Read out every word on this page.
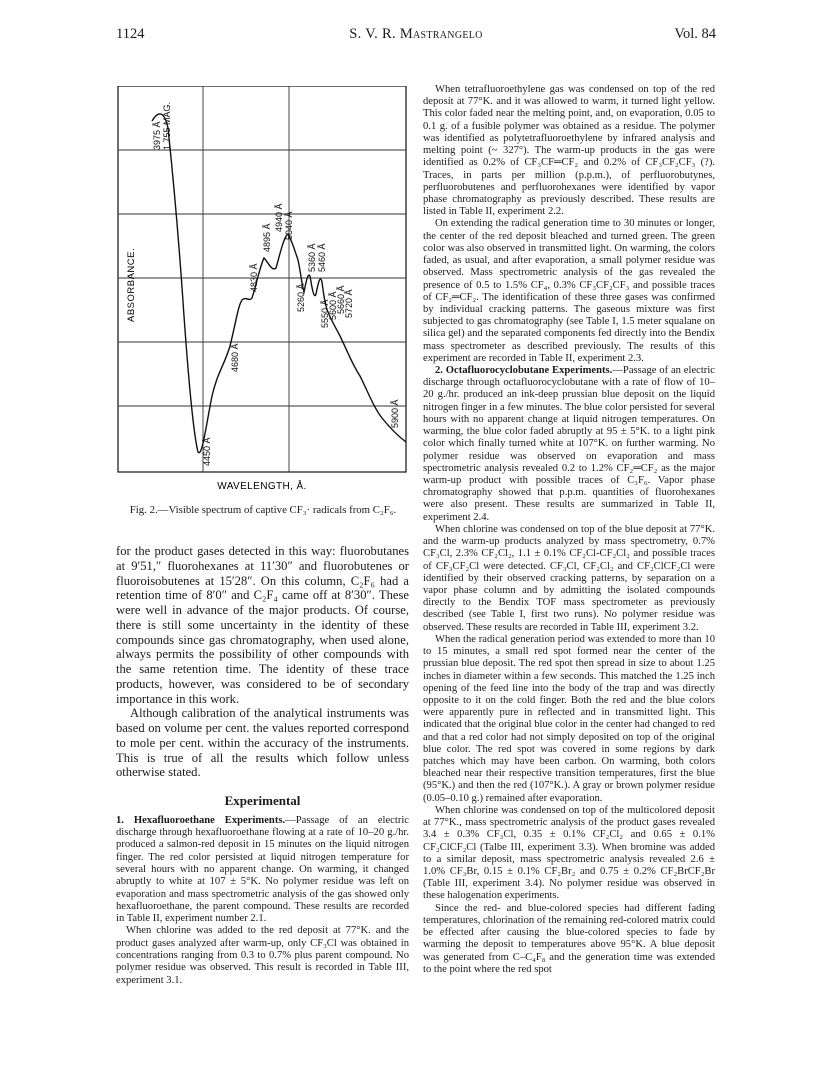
1124	S. V. R. Mastrangelo	Vol. 84
ABSORBANCE.
WAVELENGTH, Å.
3975 Å 1.755 MAG.
4450 Å
4680 Å
4830 Å
4895 Å
4940 Å 5040 Å
5260 Å
5360 Å 5460 Å
5550 Å
5600 Å
5660 Å
5720 Å
5900 Å
Fig. 2.—Visible spectrum of captive CF₃· radicals from C₂F₆.

for the product gases detected in this way: fluorobutanes at 9′51,″ fluorohexanes at 11′30″ and fluorobutenes or fluoroisobutenes at 15′28″. On this column, C₂F₆ had a retention time of 8′0″ and C₂F₄ came off at 8′30″. These were well in advance of the major products. Of course, there is still some uncertainty in the identity of these compounds since gas chromatography, when used alone, always permits the possibility of other compounds with the same retention time. The identity of these trace products, however, was considered to be of secondary importance in this work.

Although calibration of the analytical instruments was based on volume per cent. the values reported correspond to mole per cent. within the accuracy of the instruments. This is true of all the results which follow unless otherwise stated.

Experimental

1. Hexafluoroethane Experiments.—Passage of an electric discharge through hexafluoroethane flowing at a rate of 10–20 g./hr. produced a salmon-red deposit in 15 minutes on the liquid nitrogen finger. The red color persisted at liquid nitrogen temperature for several hours with no apparent change. On warming, it changed abruptly to white at 107 ± 5°K. No polymer residue was left on evaporation and mass spectrometric analysis of the gas showed only hexafluoroethane, the parent compound. These results are recorded in Table II, experiment number 2.1.

When chlorine was added to the red deposit at 77°K. and the product gases analyzed after warm-up, only CF₃Cl was obtained in concentrations ranging from 0.3 to 0.7% plus parent compound. No polymer residue was observed. This result is recorded in Table III, experiment 3.1.

When tetrafluoroethylene gas was condensed on top of the red deposit at 77°K. and it was allowed to warm, it turned light yellow. This color faded near the melting point, and, on evaporation, 0.05 to 0.1 g. of a fusible polymer was obtained as a residue. The polymer was identified as polytetrafluoroethylene by infrared analysis and melting point (~ 327°). The warm-up products in the gas were identified as 0.2% of CF₃CF═CF₂ and 0.2% of CF₃CF₂CF₃ (?). Traces, in parts per million (p.p.m.), of perfluorobutynes, perfluorobutenes and perfluorohexanes were identified by vapor phase chromatography as previously described. These results are listed in Table II, experiment 2.2.

On extending the radical generation time to 30 minutes or longer, the center of the red deposit bleached and turned green. The green color was also observed in transmitted light. On warming, the colors faded, as usual, and after evaporation, a small polymer residue was observed. Mass spectrometric analysis of the gas revealed the presence of 0.5 to 1.5% CF₄, 0.3% CF₃CF₂CF₃ and possible traces of CF₂═CF₂. The identification of these three gases was confirmed by individual cracking patterns. The gaseous mixture was first subjected to gas chromatography (see Table I, 1.5 meter squalane on silica gel) and the separated components fed directly into the Bendix mass spectrometer as described previously. The results of this experiment are recorded in Table II, experiment 2.3.

2. Octafluorocyclobutane Experiments.—Passage of an electric discharge through octafluorocyclobutane with a rate of flow of 10–20 g./hr. produced an ink-deep prussian blue deposit on the liquid nitrogen finger in a few minutes. The blue color persisted for several hours with no apparent change at liquid nitrogen temperatures. On warming, the blue color faded abruptly at 95 ± 5°K. to a light pink color which finally turned white at 107°K. on further warming. No polymer residue was observed on evaporation and mass spectrometric analysis revealed 0.2 to 1.2% CF₂═CF₂ as the major warm-up product with possible traces of C₃F₆. Vapor phase chromatography showed that p.p.m. quantities of fluorohexanes were also present. These results are summarized in Table II, experiment 2.4.

When chlorine was condensed on top of the blue deposit at 77°K. and the warm-up products analyzed by mass spectrometry, 0.7% CF₃Cl, 2.3% CF₂Cl₂, 1.1 ± 0.1% CF₂Cl-CF₂Cl₂ and possible traces of CF₃CF₂Cl were detected. CF₃Cl, CF₂Cl₂ and CF₂ClCF₂Cl were identified by their observed cracking patterns, by separation on a vapor phase column and by admitting the isolated compounds directly to the Bendix TOF mass spectrometer as previously described (see Table I, first two runs). No polymer residue was observed. These results are recorded in Table III, experiment 3.2.

When the radical generation period was extended to more than 10 to 15 minutes, a small red spot formed near the center of the prussian blue deposit. The red spot then spread in size to about 1.25 inches in diameter within a few seconds. This matched the 1.25 inch opening of the feed line into the body of the trap and was directly opposite to it on the cold finger. Both the red and the blue colors were apparently pure in reflected and in transmitted light. This indicated that the original blue color in the center had changed to red and that a red color had not simply deposited on top of the original blue color. The red spot was covered in some regions by dark patches which may have been carbon. On warming, both colors bleached near their respective transition temperatures, first the blue (95°K.) and then the red (107°K.). A gray or brown polymer residue (0.05–0.10 g.) remained after evaporation.

When chlorine was condensed on top of the multicolored deposit at 77°K., mass spectrometric analysis of the product gases revealed 3.4 ± 0.3% CF₃Cl, 0.35 ± 0.1% CF₂Cl₂ and 0.65 ± 0.1% CF₂ClCF₂Cl (Talbe III, experiment 3.3). When bromine was added to a similar deposit, mass spectrometric analysis revealed 2.6 ± 1.0% CF₃Br, 0.15 ± 0.1% CF₂Br₂ and 0.75 ± 0.2% CF₂BrCF₂Br (Table III, experiment 3.4). No polymer residue was observed in these halogenation experiments.

Since the red- and blue-colored species had different fading temperatures, chlorination of the remaining red-colored matrix could be effected after causing the blue-colored species to fade by warming the deposit to temperatures above 95°K. A blue deposit was generated from C–C₄F₈ and the generation time was extended to the point where the red spot
